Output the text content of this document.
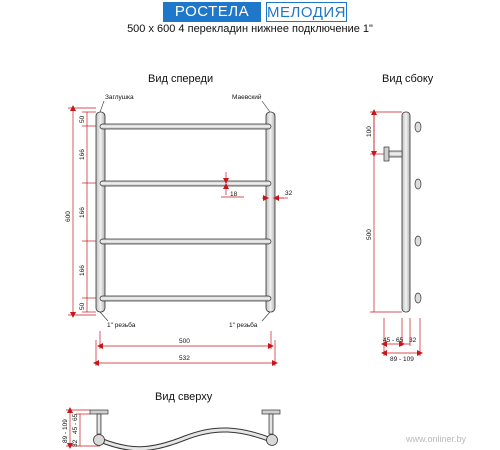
РОСТЕЛА	МЕЛОДИЯ
500 х 600 4 перекладин нижнее подключение 1"
Вид спереди
Заглушка	Маевский
1" резьба	1" резьба
50
166
166
166
50
600
18	32
500
532
Вид сбоку
100
500
45 - 65 32
89 - 109
Вид сверху
89 - 109
32
45 - 65
www.onliner.by
